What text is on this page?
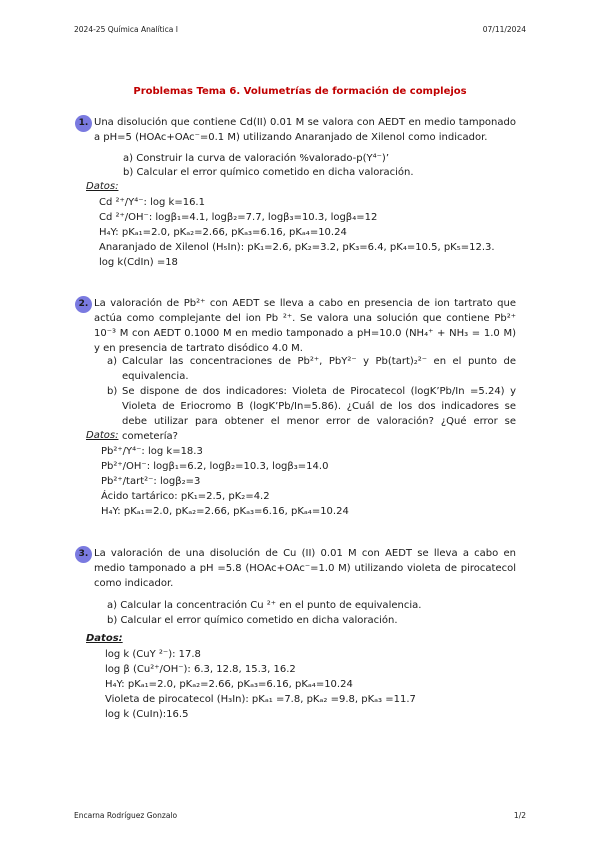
2024-25 Química Analítica I	07/11/2024
Problemas Tema 6. Volumetrías de formación de complejos
1. Una disolución que contiene Cd(II) 0.01 M se valora con AEDT en medio tamponado a pH=5 (HOAc+OAc⁻=0.1 M) utilizando Anaranjado de Xilenol como indicador.
a) Construir la curva de valoración %valorado-p(Y⁴⁻)’
b) Calcular el error químico cometido en dicha valoración.
Datos:
Cd ²⁺/Y⁴⁻: log k=16.1
Cd ²⁺/OH⁻: logβ₁=4.1, logβ₂=7.7, logβ₃=10.3, logβ₄=12
H₄Y: pKₐ₁=2.0, pKₐ₂=2.66, pKₐ₃=6.16, pKₐ₄=10.24
Anaranjado de Xilenol (H₅In): pK₁=2.6, pK₂=3.2, pK₃=6.4, pK₄=10.5, pK₅=12.3.
log k(CdIn) =18
2. La valoración de Pb²⁺ con AEDT se lleva a cabo en presencia de ion tartrato que actúa como complejante del ion Pb ²⁺. Se valora una solución que contiene Pb²⁺ 10⁻³ M con AEDT 0.1000 M en medio tamponado a pH=10.0 (NH₄⁺ + NH₃ = 1.0 M) y en presencia de tartrato disódico 4.0 M.
a) Calcular las concentraciones de Pb²⁺, PbY²⁻ y Pb(tart)₂²⁻ en el punto de equivalencia.
b) Se dispone de dos indicadores: Violeta de Pirocatecol (logK’Pb/In =5.24) y Violeta de Eriocromo B (logK’Pb/In=5.86). ¿Cuál de los dos indicadores se debe utilizar para obtener el menor error de valoración? ¿Qué error se cometería?
Datos:
Pb²⁺/Y⁴⁻: log k=18.3
Pb²⁺/OH⁻: logβ₁=6.2, logβ₂=10.3, logβ₃=14.0
Pb²⁺/tart²⁻: logβ₂=3
Ácido tartárico: pK₁=2.5, pK₂=4.2
H₄Y: pKₐ₁=2.0, pKₐ₂=2.66, pKₐ₃=6.16, pKₐ₄=10.24
3. La valoración de una disolución de Cu (II) 0.01 M con AEDT se lleva a cabo en medio tamponado a pH =5.8 (HOAc+OAc⁻=1.0 M) utilizando violeta de pirocatecol como indicador.
a) Calcular la concentración Cu ²⁺ en el punto de equivalencia.
b) Calcular el error químico cometido en dicha valoración.
Datos:
log k (CuY ²⁻): 17.8
log β (Cu²⁺/OH⁻): 6.3, 12.8, 15.3, 16.2
H₄Y: pKₐ₁=2.0, pKₐ₂=2.66, pKₐ₃=6.16, pKₐ₄=10.24
Violeta de pirocatecol (H₃In): pKₐ₁ =7.8, pKₐ₂ =9.8, pKₐ₃ =11.7
log k (CuIn):16.5
Encarna Rodríguez Gonzalo	1/2
